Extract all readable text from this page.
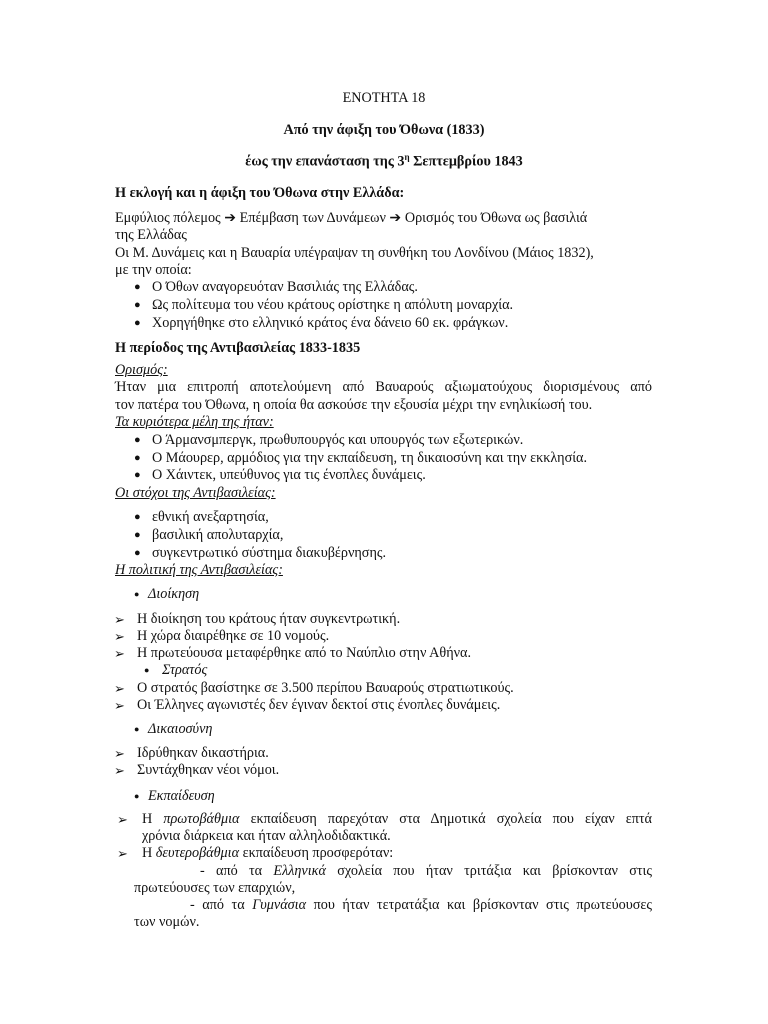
ΕΝΟΤΗΤΑ 18
Από την άφιξη του Όθωνα (1833)
έως την επανάσταση της $3^\eta$ Σεπτεμβρίου 1843
Η εκλογή και η άφιξη του Όθωνα στην Ελλάδα:
Εμφύλιος πόλεμος ➔ Επέμβαση των Δυνάμεων ➔ Ορισμός του Όθωνα ως βασιλιά
της Ελλάδας
Οι Μ. Δυνάμεις και η Βαυαρία υπέγραψαν τη συνθήκη του Λονδίνου (Μάιος 1832),
με την οποία:
● Ο Όθων αναγορευόταν Βασιλιάς της Ελλάδας.
● Ως πολίτευμα του νέου κράτους ορίστηκε η απόλυτη μοναρχία.
● Χορηγήθηκε στο ελληνικό κράτος ένα δάνειο 60 εκ. φράγκων.
Η περίοδος της Αντιβασιλείας 1833-1835
Ορισμός:
Ήταν μια επιτροπή αποτελούμενη από Βαυαρούς αξιωματούχους διορισμένους από
τον πατέρα του Όθωνα, η οποία θα ασκούσε την εξουσία μέχρι την ενηλικίωσή του.
Τα κυριότερα μέλη της ήταν:
● Ο Άρμανσμπεργκ, πρωθυπουργός και υπουργός των εξωτερικών.
● Ο Μάουρερ, αρμόδιος για την εκπαίδευση, τη δικαιοσύνη και την εκκλησία.
● Ο Χάιντεκ, υπεύθυνος για τις ένοπλες δυνάμεις.
Οι στόχοι της Αντιβασιλείας:
● εθνική ανεξαρτησία,
● βασιλική απολυταρχία,
● συγκεντρωτικό σύστημα διακυβέρνησης.
Η πολιτική της Αντιβασιλείας:
● Διοίκηση
➢ Η διοίκηση του κράτους ήταν συγκεντρωτική.
➢ Η χώρα διαιρέθηκε σε 10 νομούς.
➢ Η πρωτεύουσα μεταφέρθηκε από το Ναύπλιο στην Αθήνα.
● Στρατός
➢ Ο στρατός βασίστηκε σε 3.500 περίπου Βαυαρούς στρατιωτικούς.
➢ Οι Έλληνες αγωνιστές δεν έγιναν δεκτοί στις ένοπλες δυνάμεις.
● Δικαιοσύνη
➢ Ιδρύθηκαν δικαστήρια.
➢ Συντάχθηκαν νέοι νόμοι.
● Εκπαίδευση
➢ Η πρωτοβάθμια εκπαίδευση παρεχόταν στα Δημοτικά σχολεία που είχαν επτά
χρόνια διάρκεια και ήταν αλληλοδιδακτικά.
➢ Η δευτεροβάθμια εκπαίδευση προσφερόταν:
- από τα Ελληνικά σχολεία που ήταν τριτάξια και βρίσκονταν στις
πρωτεύουσες των επαρχιών,
- από τα Γυμνάσια που ήταν τετρατάξια και βρίσκονταν στις πρωτεύουσες
των νομών.
